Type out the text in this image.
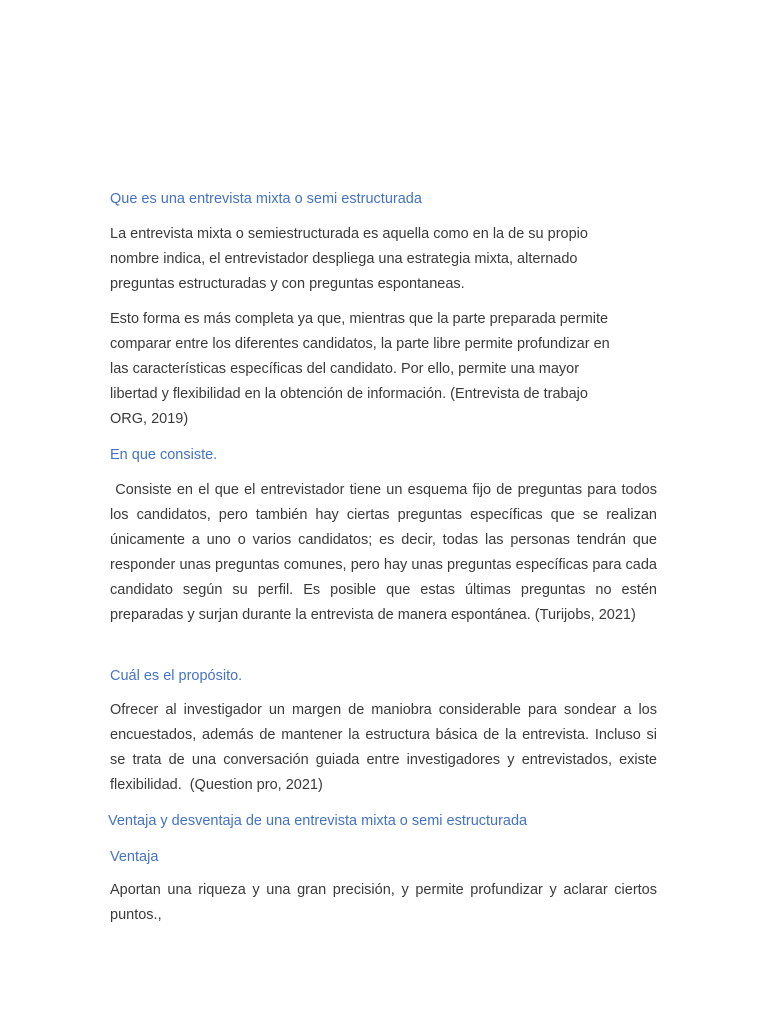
Que es una entrevista mixta o semi estructurada
La entrevista mixta o semiestructurada es aquella como en la de su propio
nombre indica, el entrevistador despliega una estrategia mixta, alternado
preguntas estructuradas y con preguntas espontaneas.
Esto forma es más completa ya que, mientras que la parte preparada permite
comparar entre los diferentes candidatos, la parte libre permite profundizar en
las características específicas del candidato. Por ello, permite una mayor
libertad y flexibilidad en la obtención de información. (Entrevista de trabajo
ORG, 2019)
En que consiste.
Consiste en el que el entrevistador tiene un esquema fijo de preguntas para todos los candidatos, pero también hay ciertas preguntas específicas que se realizan únicamente a uno o varios candidatos; es decir, todas las personas tendrán que responder unas preguntas comunes, pero hay unas preguntas específicas para cada candidato según su perfil. Es posible que estas últimas preguntas no estén preparadas y surjan durante la entrevista de manera espontánea. (Turijobs, 2021)
Cuál es el propósito.
Ofrecer al investigador un margen de maniobra considerable para sondear a los encuestados, además de mantener la estructura básica de la entrevista. Incluso si se trata de una conversación guiada entre investigadores y entrevistados, existe flexibilidad.  (Question pro, 2021)
Ventaja y desventaja de una entrevista mixta o semi estructurada
Ventaja
Aportan una riqueza y una gran precisión, y permite profundizar y aclarar ciertos puntos.,
